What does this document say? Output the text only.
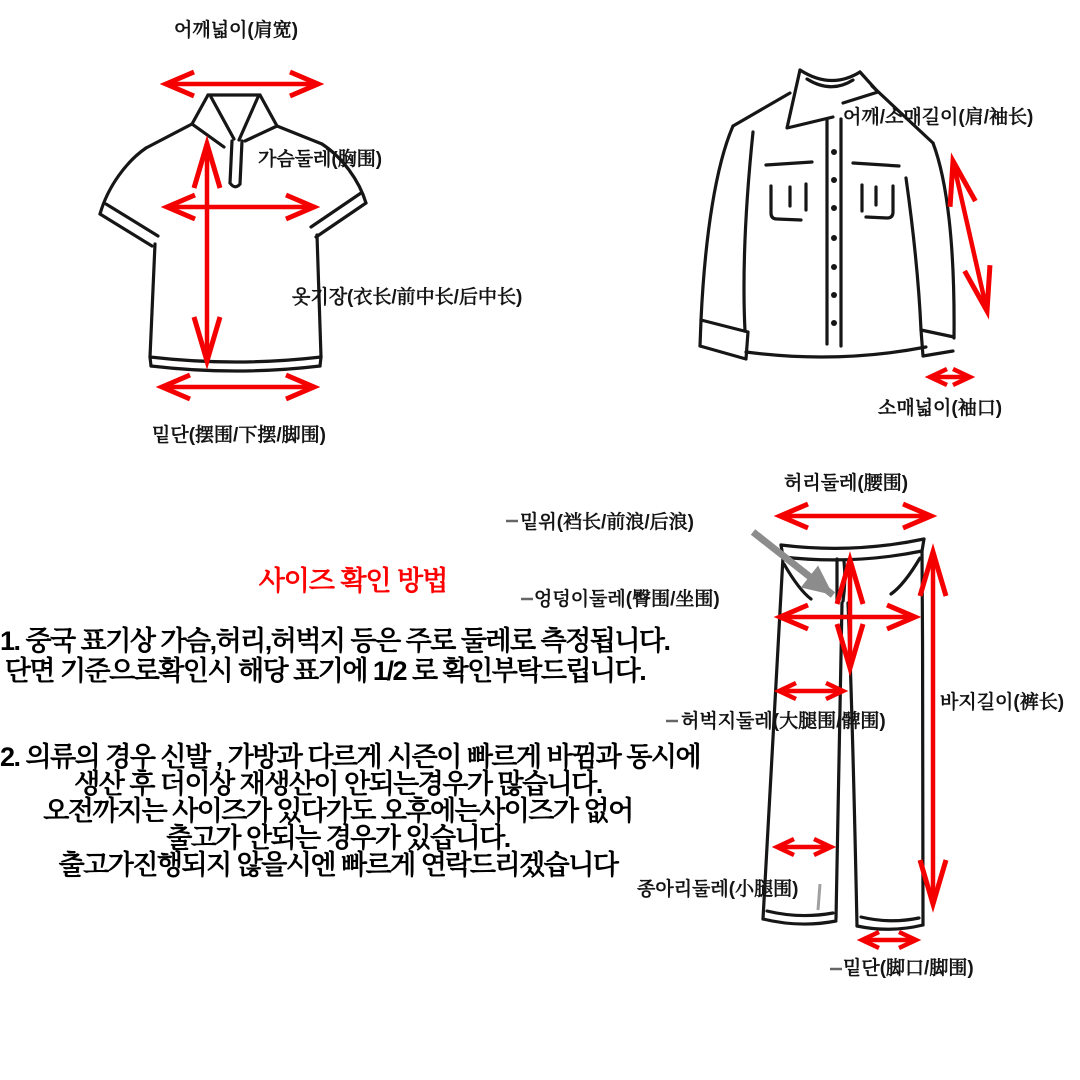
어깨넓이(肩宽)
가슴둘레(胸围)
옷기장(衣长/前中长/后中长)
밑단(摆围/下摆/脚围)
어깨/소매길이(肩/袖长)
소매넓이(袖口)
허리둘레(腰围)
밑위(裆长/前浪/后浪)
엉덩이둘레(臀围/坐围)
허벅지둘레(大腿围/髀围)
바지길이(裤长)
종아리둘레(小腿围)
밑단(脚口/脚围)
사이즈 확인 방법
1. 중국 표기상 가슴,허리,허벅지 등은 주로 둘레로 측정됩니다.
단면 기준으로확인시 해당 표기에 1/2 로 확인부탁드립니다.
2. 의류의 경우 신발 , 가방과 다르게 시즌이 빠르게 바뀜과 동시에
생산 후 더이상 재생산이 안되는경우가 많습니다.
오전까지는 사이즈가 있다가도 오후에는사이즈가 없어
출고가 안되는 경우가 있습니다.
출고가진행되지 않을시엔 빠르게 연락드리겠습니다
